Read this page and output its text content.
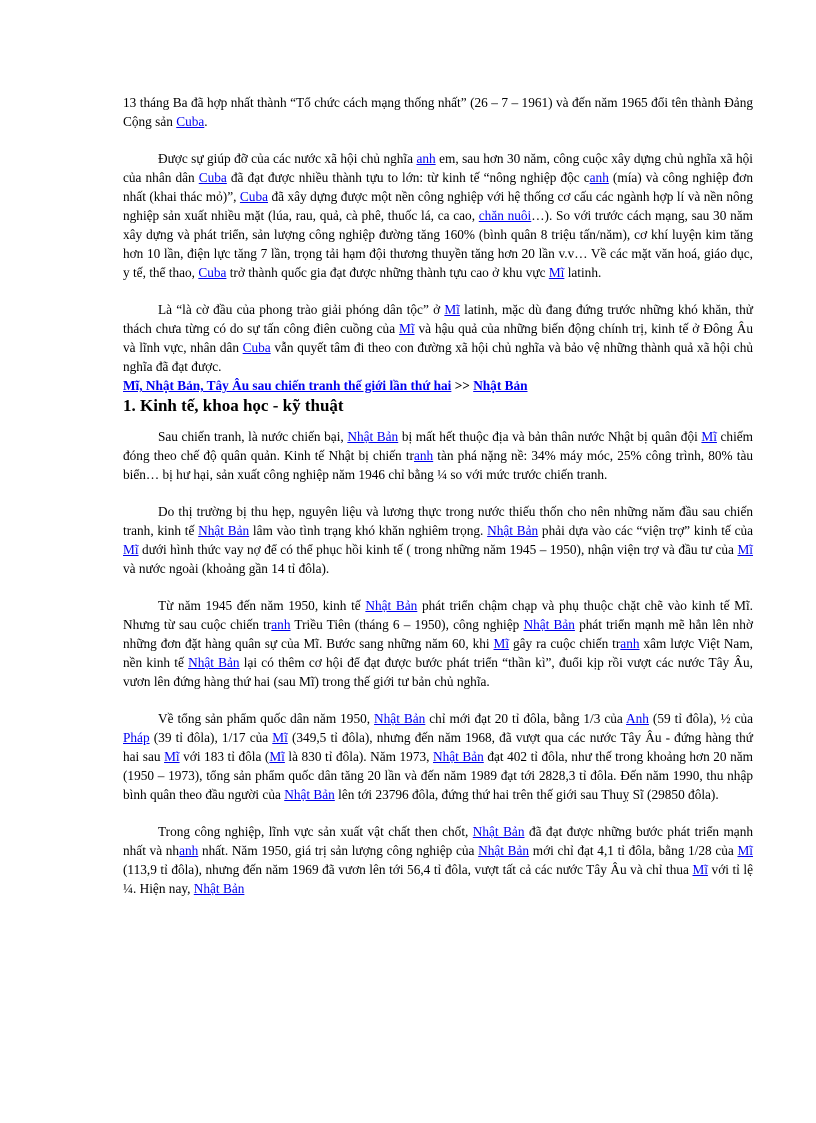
13 tháng Ba đã hợp nhất thành “Tổ chức cách mạng thống nhất” (26 – 7 – 1961) và đến năm 1965 đổi tên thành Đảng Cộng sản Cuba.

Được sự giúp đỡ của các nước xã hội chủ nghĩa anh em, sau hơn 30 năm, công cuộc xây dựng chủ nghĩa xã hội của nhân dân Cuba đã đạt được nhiều thành tựu to lớn: từ kinh tế “nông nghiệp độc canh (mía) và công nghiệp đơn nhất (khai thác mỏ)”, Cuba đã xây dựng được một nền công nghiệp với hệ thống cơ cấu các ngành hợp lí và nền nông nghiệp sản xuất nhiều mặt (lúa, rau, quả, cà phê, thuốc lá, ca cao, chăn nuôi…). So với trước cách mạng, sau 30 năm xây dựng và phát triển, sản lượng công nghiệp đường tăng 160% (bình quân 8 triệu tấn/năm), cơ khí luyện kim tăng hơn 10 lần, điện lực tăng 7 lần, trọng tải hạm đội thương thuyền tăng hơn 20 lần v.v… Về các mặt văn hoá, giáo dục, y tế, thể thao, Cuba trở thành quốc gia đạt được những thành tựu cao ở khu vực Mĩ latinh.

Là “là cờ đầu của phong trào giải phóng dân tộc” ở Mĩ latinh, mặc dù đang đứng trước những khó khăn, thử thách chưa từng có do sự tấn công điên cuồng của Mĩ và hậu quả của những biến động chính trị, kinh tế ở Đông Âu và lĩnh vực, nhân dân Cuba vẫn quyết tâm đi theo con đường xã hội chủ nghĩa và bảo vệ những thành quả xã hội chủ nghĩa đã đạt được.

Mĩ, Nhật Bản, Tây Âu sau chiến tranh thế giới lần thứ hai >> Nhật Bản

1. Kinh tế, khoa học - kỹ thuật

Sau chiến tranh, là nước chiến bại, Nhật Bản bị mất hết thuộc địa và bản thân nước Nhật bị quân đội Mĩ chiếm đóng theo chế độ quân quản. Kinh tế Nhật bị chiến tranh tàn phá nặng nề: 34% máy móc, 25% công trình, 80% tàu biển… bị hư hại, sản xuất công nghiệp năm 1946 chỉ bằng ¼ so với mức trước chiến tranh.

Do thị trường bị thu hẹp, nguyên liệu và lương thực trong nước thiếu thốn cho nên những năm đầu sau chiến tranh, kinh tế Nhật Bản lâm vào tình trạng khó khăn nghiêm trọng. Nhật Bản phải dựa vào các “viện trợ” kinh tế của Mĩ dưới hình thức vay nợ để có thể phục hồi kinh tế ( trong những năm 1945 – 1950), nhận viện trợ và đầu tư của Mĩ và nước ngoài (khoảng gần 14 tỉ đôla).

Từ năm 1945 đến năm 1950, kinh tế Nhật Bản phát triển chậm chạp và phụ thuộc chặt chẽ vào kinh tế Mĩ. Nhưng từ sau cuộc chiến tranh Triều Tiên (tháng 6 – 1950), công nghiệp Nhật Bản phát triển mạnh mẽ hẳn lên nhờ những đơn đặt hàng quân sự của Mĩ. Bước sang những năm 60, khi Mĩ gây ra cuộc chiến tranh xâm lược Việt Nam, nền kinh tế Nhật Bản lại có thêm cơ hội để đạt được bước phát triển “thần kì”, đuổi kịp rồi vượt các nước Tây Âu, vươn lên đứng hàng thứ hai (sau Mĩ) trong thế giới tư bản chủ nghĩa.

Về tổng sản phẩm quốc dân năm 1950, Nhật Bản chỉ mới đạt 20 tỉ đôla, bằng 1/3 của Anh (59 tỉ đôla), ½ của Pháp (39 tỉ đôla), 1/17 của Mĩ (349,5 tỉ đôla), nhưng đến năm 1968, đã vượt qua các nước Tây Âu - đứng hàng thứ hai sau Mĩ với 183 tỉ đôla (Mĩ là 830 tỉ đôla). Năm 1973, Nhật Bản đạt 402 tỉ đôla, như thế trong khoảng hơn 20 năm (1950 – 1973), tổng sản phẩm quốc dân tăng 20 lần và đến năm 1989 đạt tới 2828,3 tỉ đôla. Đến năm 1990, thu nhập bình quân theo đầu người của Nhật Bản lên tới 23796 đôla, đứng thứ hai trên thế giới sau Thuỵ Sĩ (29850 đôla).

Trong công nghiệp, lĩnh vực sản xuất vật chất then chốt, Nhật Bản đã đạt được những bước phát triển mạnh nhất và nhanh nhất. Năm 1950, giá trị sản lượng công nghiệp của Nhật Bản mới chỉ đạt 4,1 tỉ đôla, bằng 1/28 của Mĩ (113,9 tỉ đôla), nhưng đến năm 1969 đã vươn lên tới 56,4 tỉ đôla, vượt tất cả các nước Tây Âu và chỉ thua Mĩ với tỉ lệ ¼. Hiện nay, Nhật Bản
